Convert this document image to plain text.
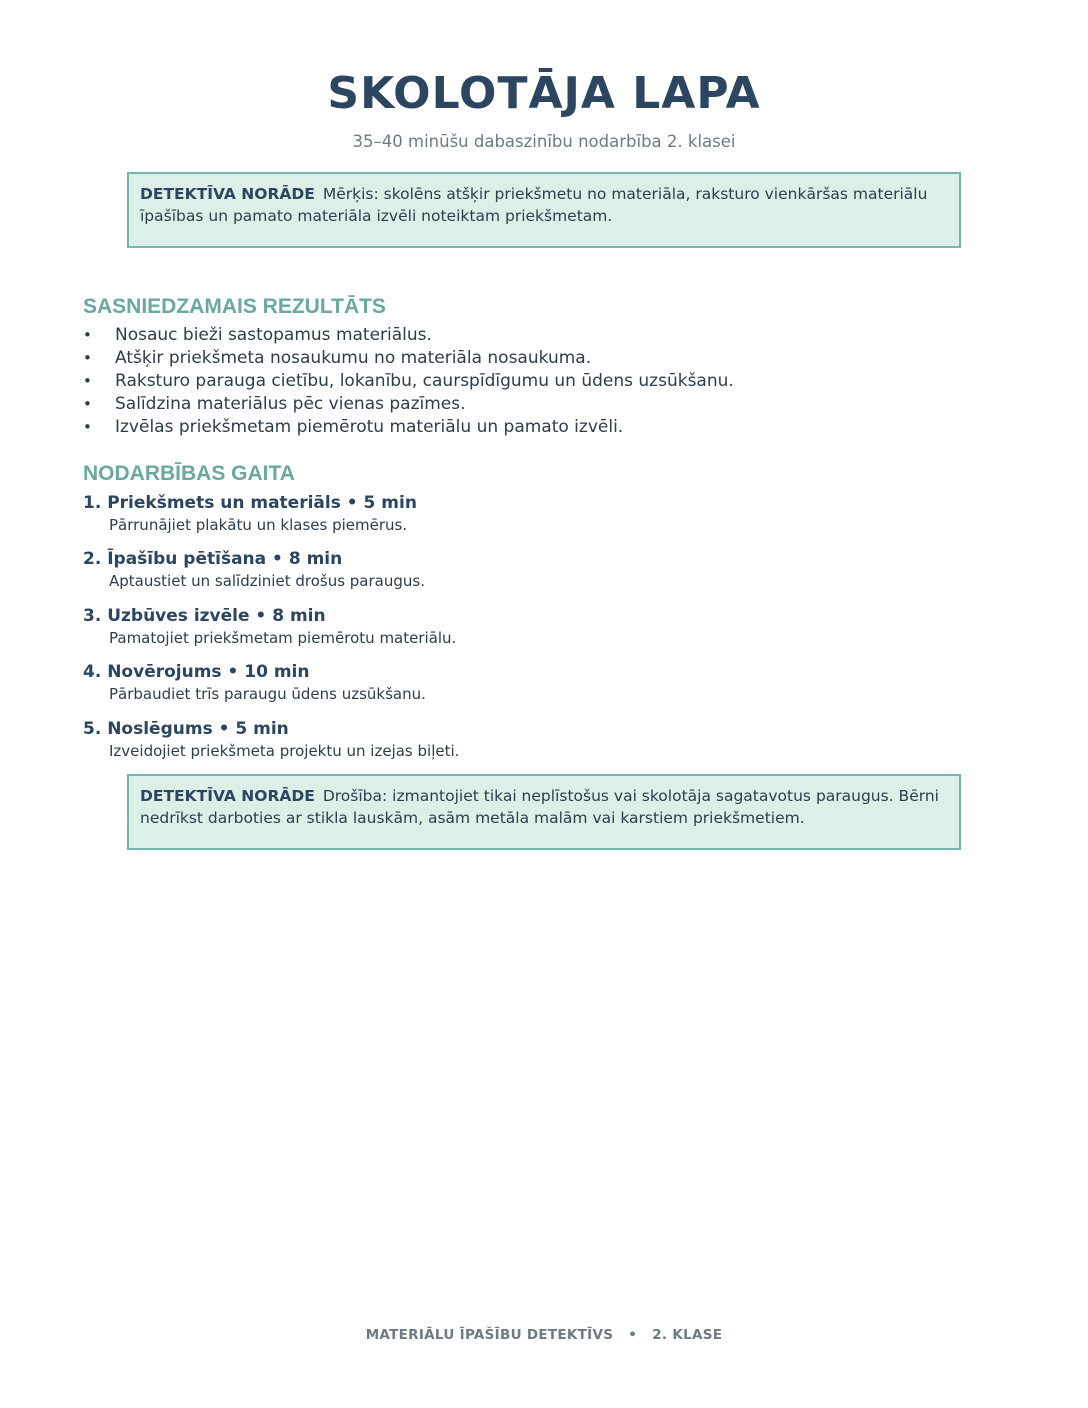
SKOLOTĀJA LAPA
35–40 minūšu dabaszinību nodarbība 2. klasei
DETEKTĪVA NORĀDE Mērķis: skolēns atšķir priekšmetu no materiāla, raksturo vienkāršas materiālu īpašības un pamato materiāla izvēli noteiktam priekšmetam.
SASNIEDZAMAIS REZULTĀTS
• Nosauc bieži sastopamus materiālus.
• Atšķir priekšmeta nosaukumu no materiāla nosaukuma.
• Raksturo parauga cietību, lokanību, caurspīdīgumu un ūdens uzsūkšanu.
• Salīdzina materiālus pēc vienas pazīmes.
• Izvēlas priekšmetam piemērotu materiālu un pamato izvēli.
NODARBĪBAS GAITA
1. Priekšmets un materiāls • 5 min
Pārrunājiet plakātu un klases piemērus.
2. Īpašību pētīšana • 8 min
Aptaustiet un salīdziniet drošus paraugus.
3. Uzbūves izvēle • 8 min
Pamatojiet priekšmetam piemērotu materiālu.
4. Novērojums • 10 min
Pārbaudiet trīs paraugu ūdens uzsūkšanu.
5. Noslēgums • 5 min
Izveidojiet priekšmeta projektu un izejas biļeti.
DETEKTĪVA NORĀDE Drošība: izmantojiet tikai neplīstošus vai skolotāja sagatavotus paraugus. Bērni nedrīkst darboties ar stikla lauskām, asām metāla malām vai karstiem priekšmetiem.
MATERIĀLU ĪPAŠĪBU DETEKTĪVS   •   2. KLASE
